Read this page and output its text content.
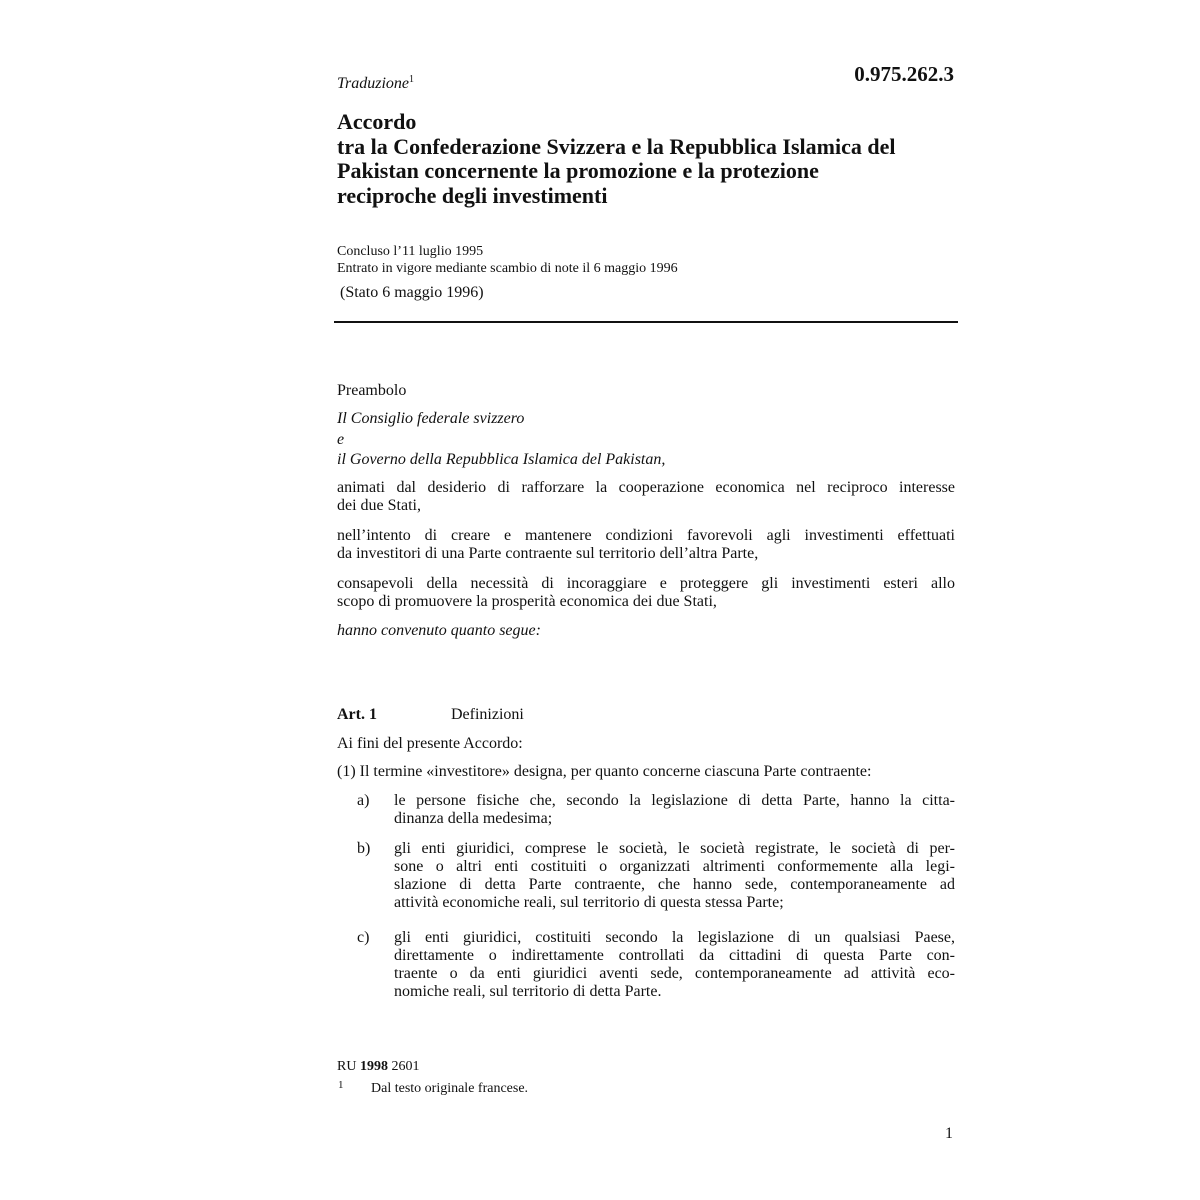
Traduzione$^1$	0.975.262.3
Accordo
tra la Confederazione Svizzera e la Repubblica Islamica del
Pakistan concernente la promozione e la protezione
reciproche degli investimenti
Concluso l’11 luglio 1995
Entrato in vigore mediante scambio di note il 6 maggio 1996
(Stato 6 maggio 1996)
Preambolo
Il Consiglio federale svizzero
e
il Governo della Repubblica Islamica del Pakistan,
animati dal desiderio di rafforzare la cooperazione economica nel reciproco interesse
dei due Stati,
nell’intento di creare e mantenere condizioni favorevoli agli investimenti effettuati
da investitori di una Parte contraente sul territorio dell’altra Parte,
consapevoli della necessità di incoraggiare e proteggere gli investimenti esteri allo
scopo di promuovere la prosperità economica dei due Stati,
hanno convenuto quanto segue:
Art. 1	Definizioni
Ai fini del presente Accordo:
(1) Il termine «investitore» designa, per quanto concerne ciascuna Parte contraente:
a) le persone fisiche che, secondo la legislazione di detta Parte, hanno la citta-
dinanza della medesima;
b) gli enti giuridici, comprese le società, le società registrate, le società di per-
sone o altri enti costituiti o organizzati altrimenti conformemente alla legi-
slazione di detta Parte contraente, che hanno sede, contemporaneamente ad
attività economiche reali, sul territorio di questa stessa Parte;
c) gli enti giuridici, costituiti secondo la legislazione di un qualsiasi Paese,
direttamente o indirettamente controllati da cittadini di questa Parte con-
traente o da enti giuridici aventi sede, contemporaneamente ad attività eco-
nomiche reali, sul territorio di detta Parte.
RU 1998 2601
1 Dal testo originale francese.
1
